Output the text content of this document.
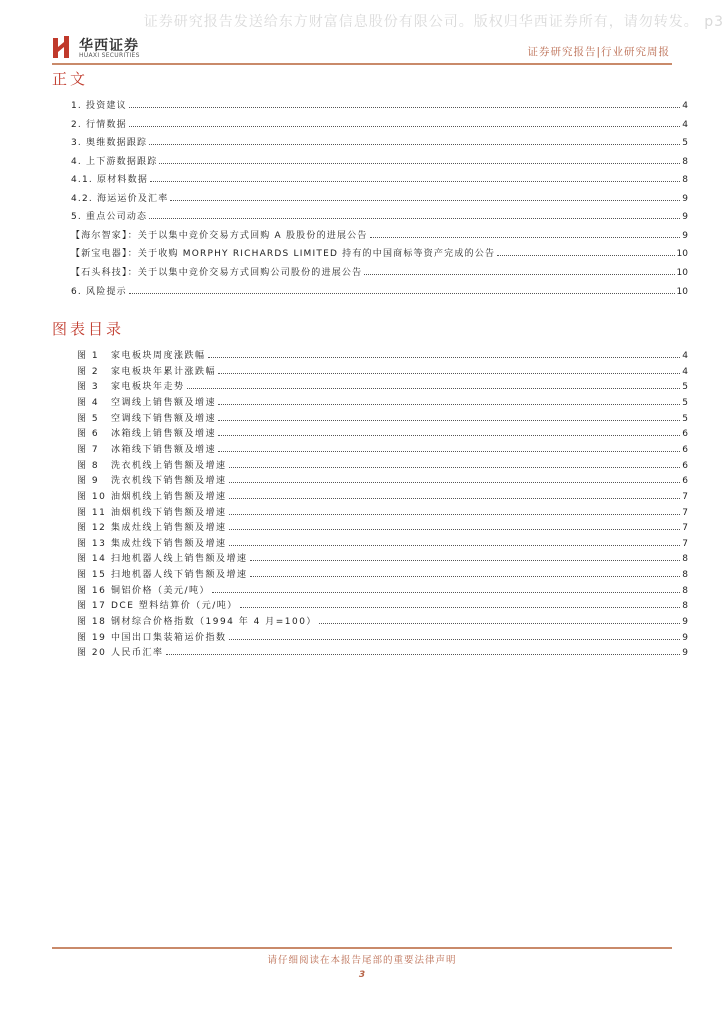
证券研究报告发送给东方财富信息股份有限公司。版权归华西证券所有，请勿转发。 p3
华西证券
HUAXI SECURITIES	证券研究报告|行业研究周报
正文
1. 投资建议	4
2. 行情数据	4
3. 奥维数据跟踪	5
4. 上下游数据跟踪	8
4.1. 原材料数据	8
4.2. 海运运价及汇率	9
5. 重点公司动态	9
【海尔智家】：关于以集中竞价交易方式回购 A 股股份的进展公告	9
【新宝电器】：关于收购 MORPHY RICHARDS LIMITED 持有的中国商标等资产完成的公告	10
【石头科技】：关于以集中竞价交易方式回购公司股份的进展公告	10
6. 风险提示	10
图表目录
图 1	家电板块周度涨跌幅	4
图 2	家电板块年累计涨跌幅	4
图 3	家电板块年走势	5
图 4	空调线上销售额及增速	5
图 5	空调线下销售额及增速	5
图 6	冰箱线上销售额及增速	6
图 7	冰箱线下销售额及增速	6
图 8	洗衣机线上销售额及增速	6
图 9	洗衣机线下销售额及增速	6
图 10 油烟机线上销售额及增速	7
图 11 油烟机线下销售额及增速	7
图 12 集成灶线上销售额及增速	7
图 13 集成灶线下销售额及增速	7
图 14 扫地机器人线上销售额及增速	8
图 15 扫地机器人线下销售额及增速	8
图 16 铜铝价格（美元/吨）	8
图 17 DCE 塑料结算价（元/吨）	8
图 18 钢材综合价格指数（1994 年 4 月=100）	9
图 19 中国出口集装箱运价指数	9
图 20 人民币汇率	9
请仔细阅读在本报告尾部的重要法律声明
3
